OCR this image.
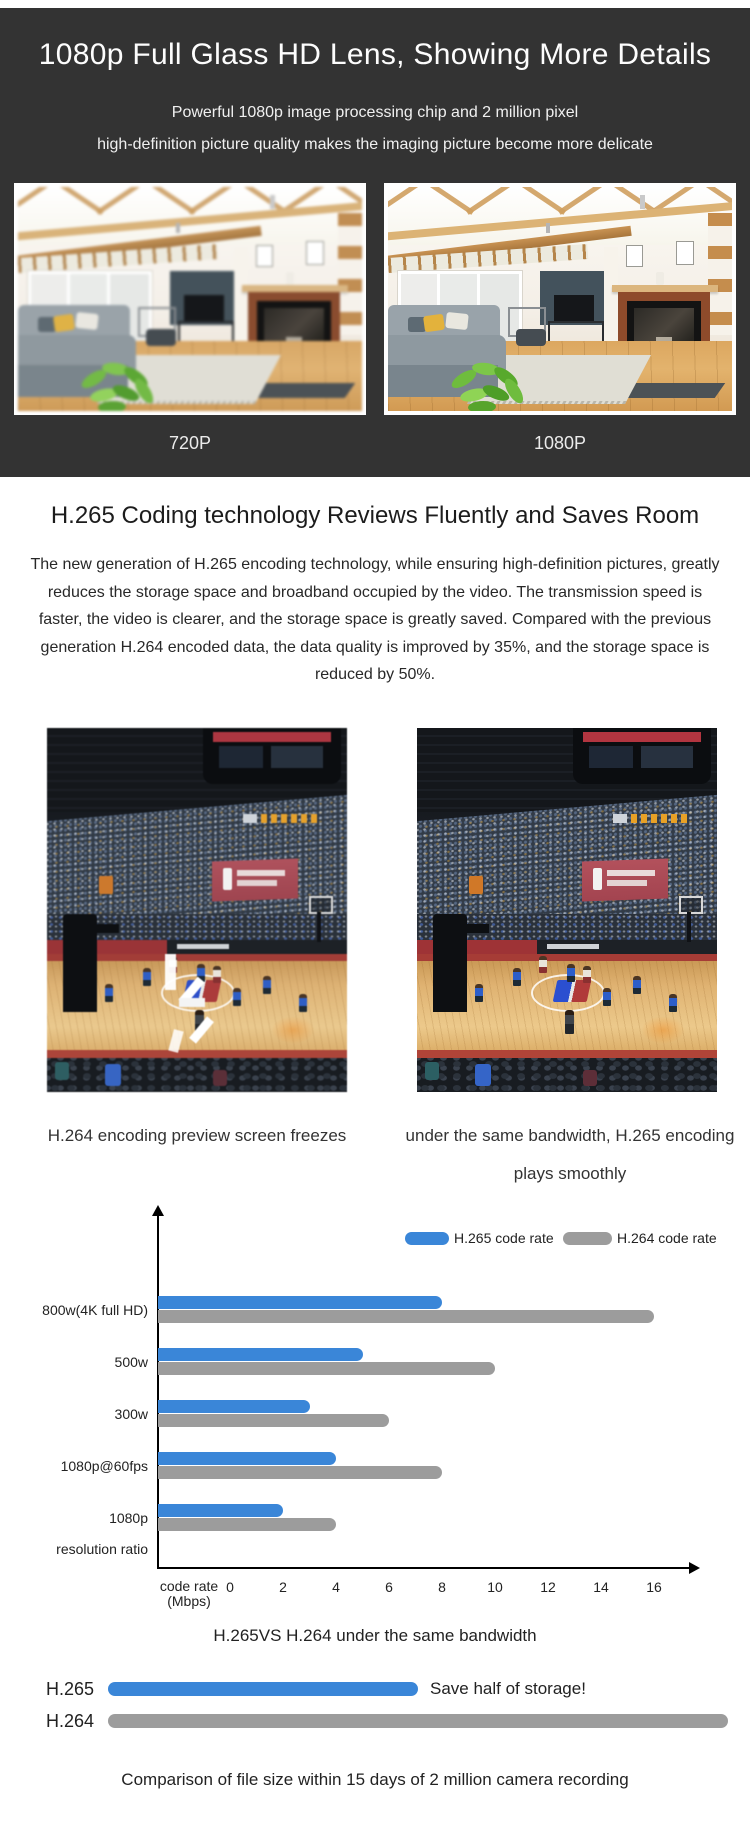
1080p Full Glass HD Lens, Showing More Details
Powerful 1080p image processing chip and 2 million pixel
high-definition picture quality makes the imaging picture become more delicate
720P	1080P
H.265 Coding technology Reviews Fluently and Saves Room

The new generation of H.265 encoding technology, while ensuring high-definition pictures, greatly reduces the storage space and broadband occupied by the video. The transmission speed is faster, the video is clearer, and the storage space is greatly saved. Compared with the previous generation H.264 encoded data, the data quality is improved by 35%, and the storage space is reduced by 50%.

H.264 encoding preview screen freezes	under the same bandwidth, H.265 encoding plays smoothly
resolution ratio
code rate
(Mbps)
H.265VS H.264 under the same bandwidth
H.265 code rate	H.264 code rate
800w(4K full HD)
500w
300w
1080p@60fps
1080p
0	2	4	6	8	10	12	14	16
Comparison of file size within 15 days of 2 million camera recording
H.265	Save half of storage!
H.264
